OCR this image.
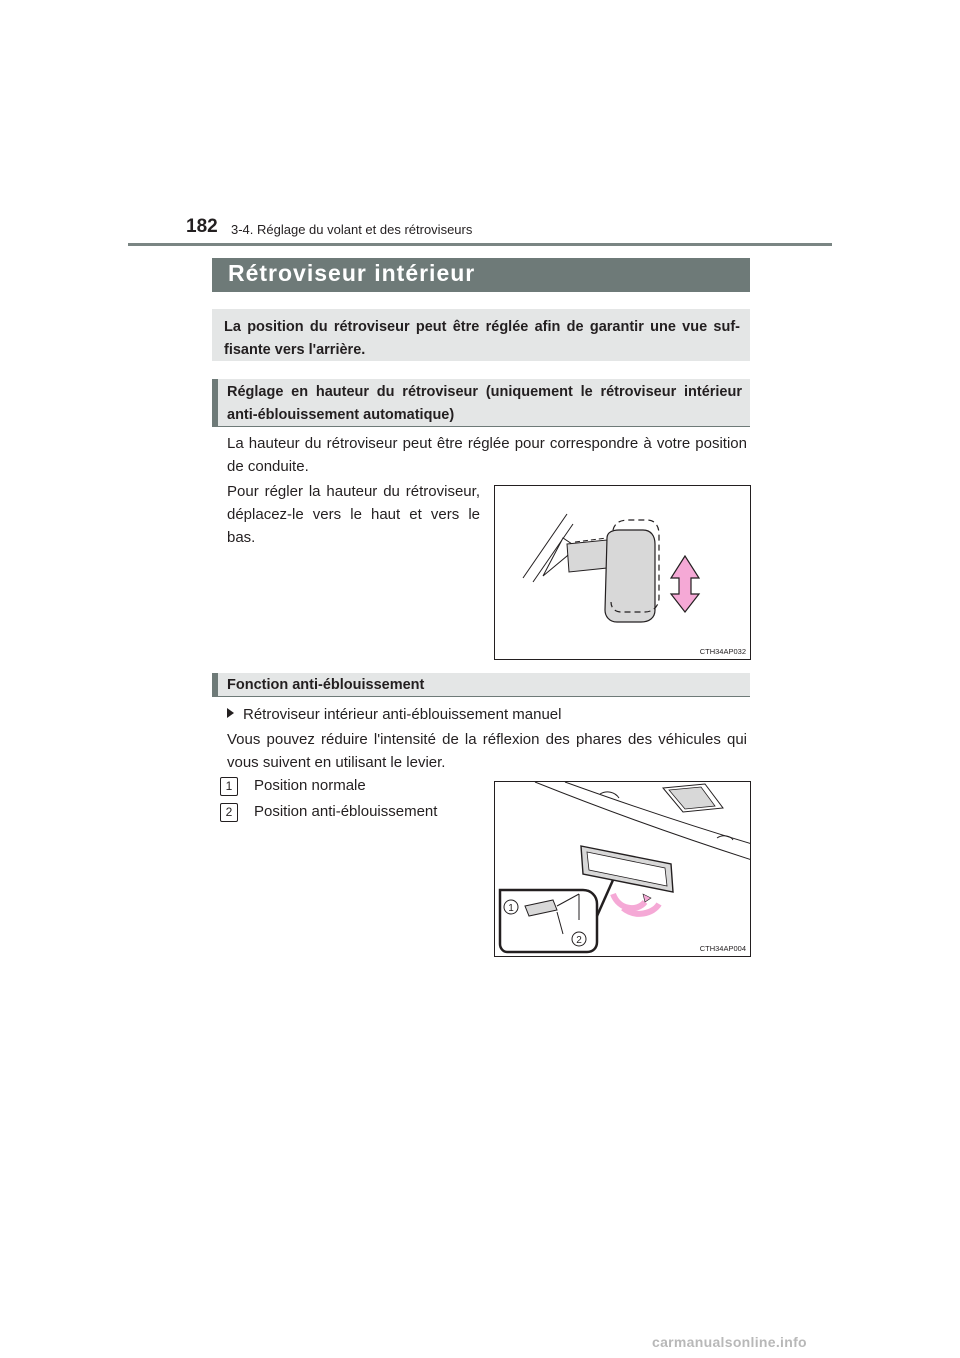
182 3-4. Réglage du volant et des rétroviseurs
Rétroviseur intérieur
La position du rétroviseur peut être réglée afin de garantir une vue suf-fisante vers l'arrière.
Réglage en hauteur du rétroviseur (uniquement le rétroviseur intérieur anti-éblouissement automatique)
La hauteur du rétroviseur peut être réglée pour correspondre à votre position de conduite.
Pour régler la hauteur du rétroviseur, déplacez-le vers le haut et vers le bas.
CTH34AP032
Fonction anti-éblouissement
Rétroviseur intérieur anti-éblouissement manuel
Vous pouvez réduire l'intensité de la réflexion des phares des véhicules qui vous suivent en utilisant le levier.
1 Position normale
2 Position anti-éblouissement
1
2
CTH34AP004
carmanualsonline.info
